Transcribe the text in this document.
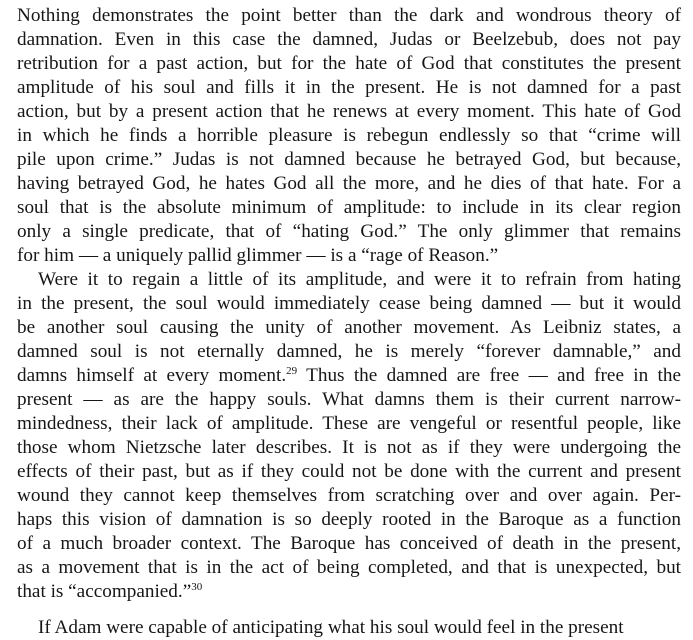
Nothing demonstrates the point better than the dark and wondrous theory of
damnation. Even in this case the damned, Judas or Beelzebub, does not pay
retribution for a past action, but for the hate of God that constitutes the present
amplitude of his soul and fills it in the present. He is not damned for a past
action, but by a present action that he renews at every moment. This hate of God
in which he finds a horrible pleasure is rebegun endlessly so that “crime will
pile upon crime.” Judas is not damned because he betrayed God, but because,
having betrayed God, he hates God all the more, and he dies of that hate. For a
soul that is the absolute minimum of amplitude: to include in its clear region
only a single predicate, that of “hating God.” The only glimmer that remains
for him — a uniquely pallid glimmer — is a “rage of Reason.”
Were it to regain a little of its amplitude, and were it to refrain from hating
in the present, the soul would immediately cease being damned — but it would
be another soul causing the unity of another movement. As Leibniz states, a
damned soul is not eternally damned, he is merely “forever damnable,” and
damns himself at every moment.$^{29}$ Thus the damned are free — and free in the
present — as are the happy souls. What damns them is their current narrow-
mindedness, their lack of amplitude. These are vengeful or resentful people, like
those whom Nietzsche later describes. It is not as if they were undergoing the
effects of their past, but as if they could not be done with the current and present
wound they cannot keep themselves from scratching over and over again. Per-
haps this vision of damnation is so deeply rooted in the Baroque as a function
of a much broader context. The Baroque has conceived of death in the present,
as a movement that is in the act of being completed, and that is unexpected, but
that is “accompanied.”$^{30}$
If Adam were capable of anticipating what his soul would feel in the present
